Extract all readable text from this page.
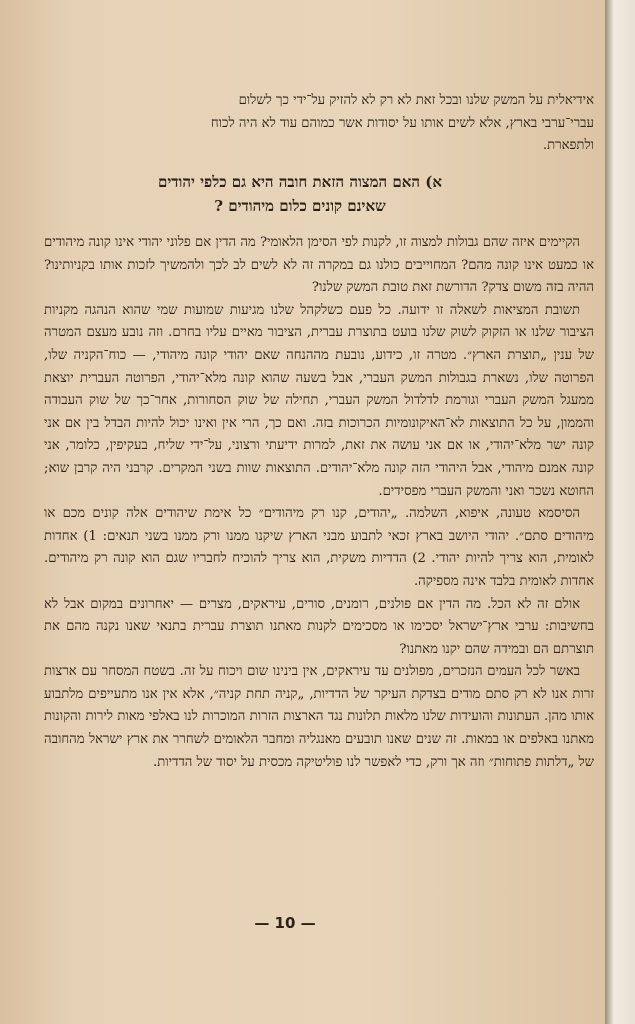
אידיאלית על המשק שלנו ובכל זאת לא רק לא להזיק על־ידי כך לשלום

עברי־ערבי בארץ, אלא לשים אותו על יסודות אשר כמוהם עוד לא היה לכוח

ולתפארת.

א) האם המצוה הזאת חובה היא גם כלפי יהודים
שאינם קונים כלום מיהודים ?

הקיימים איזה שהם גבולות למצוה זו, לקנות לפי הסימן הלאומי? מה הדין אם פלוני יהודי אינו קונה מיהודים או כמעט אינו קונה מהם? המחוייבים כולנו גם במקרה זה לא לשים לב לכך ולהמשיך לזכות אותו בקניותינו? ההיה בזה משום צדק? הדורשת זאת טובת המשק שלנו?

תשובת המציאות לשאלה זו ידועה. כל פעם כשלקהל שלנו מגיעות שמועות שמי שהוא הנהגה מקניות הציבור שלנו או הזקוק לשוק שלנו בועט בתוצרת עברית, הציבור מאיים עליו בחרם. וזה נובע מעצם המטרה של ענין „תוצרת הארץ״. מטרה זו, כידוע, נובעת מההנחה שאם יהודי קונה מיהודי, — כוח־הקניה שלו, הפרוטה שלו, נשארת בגבולות המשק העברי, אבל בשעה שהוא קונה מלא־יהודי, הפרוטה העברית יוצאת ממעגל המשק העברי וגורמת לדלדול המשק העברי, תחילה של שוק הסחורות, אחר־כך של שוק העבודה והממון, על כל התוצאות לא־האיקונומיות הכרוכות בזה. ואם כך, הרי אין ואינו יכול להיות הבדל בין אם אני קונה ישר מלא־יהודי, או אם אני עושה את זאת, למרות ידיעתי ורצוני, על־ידי שליח, בעקיפין, כלומר, אני קונה אמנם מיהודי, אבל היהודי הזה קונה מלא־יהודים. התוצאות שוות בשני המקרים. קרבני היה קרבן שוא; החוטא נשכר ואני והמשק העברי מפסידים.

הסיסמא טעונה, איפוא, השלמה. „יהודים, קנו רק מיהודים״ כל אימת שיהודים אלה קונים מכם או מיהודים סתם״. יהודי היושב בארץ זכאי לתבוע מבני הארץ שיקנו ממנו ורק ממנו בשני תנאים: 1) אחדות לאומית, הוא צריך להיות יהודי. 2) הדדיות משקית, הוא צריך להוכיח לחבריו שגם הוא קונה רק מיהודים. אחדות לאומית בלבד אינה מספיקה.

אולם זה לא הכל. מה הדין אם פולנים, רומנים, סורים, עיראקים, מצרים — יאחרונים במקום אבל לא בחשיבות: ערבי ארץ־ישראל יסכימו או מסכימים לקנות מאתנו תוצרת עברית בתנאי שאנו נקנה מהם את תוצרתם הם ובמידה שהם יקנו מאתנו?

באשר לכל העמים הנזכרים, מפולנים עד עיראקים, אין בינינו שום ויכוח על זה. בשטח המסחר עם ארצות זרות אנו לא רק סתם מודים בצדקת העיקר של הדדיות, „קניה תחת קניה״, אלא אין אנו מתעייפים מלתבוע אותו מהן. העתונות והועידות שלנו מלאות תלונות נגד הארצות הזרות המוכרות לנו באלפי מאות לירות והקונות מאתנו באלפים או במאות. זה שנים שאנו תובעים מאנגליה ומחבר הלאומים לשחרר את ארץ ישראל מהחובה של „דלתות פתוחות״ וזה אך ורק, כדי לאפשר לנו פוליטיקה מכסית על יסוד של הדדיות.

— 10 —
